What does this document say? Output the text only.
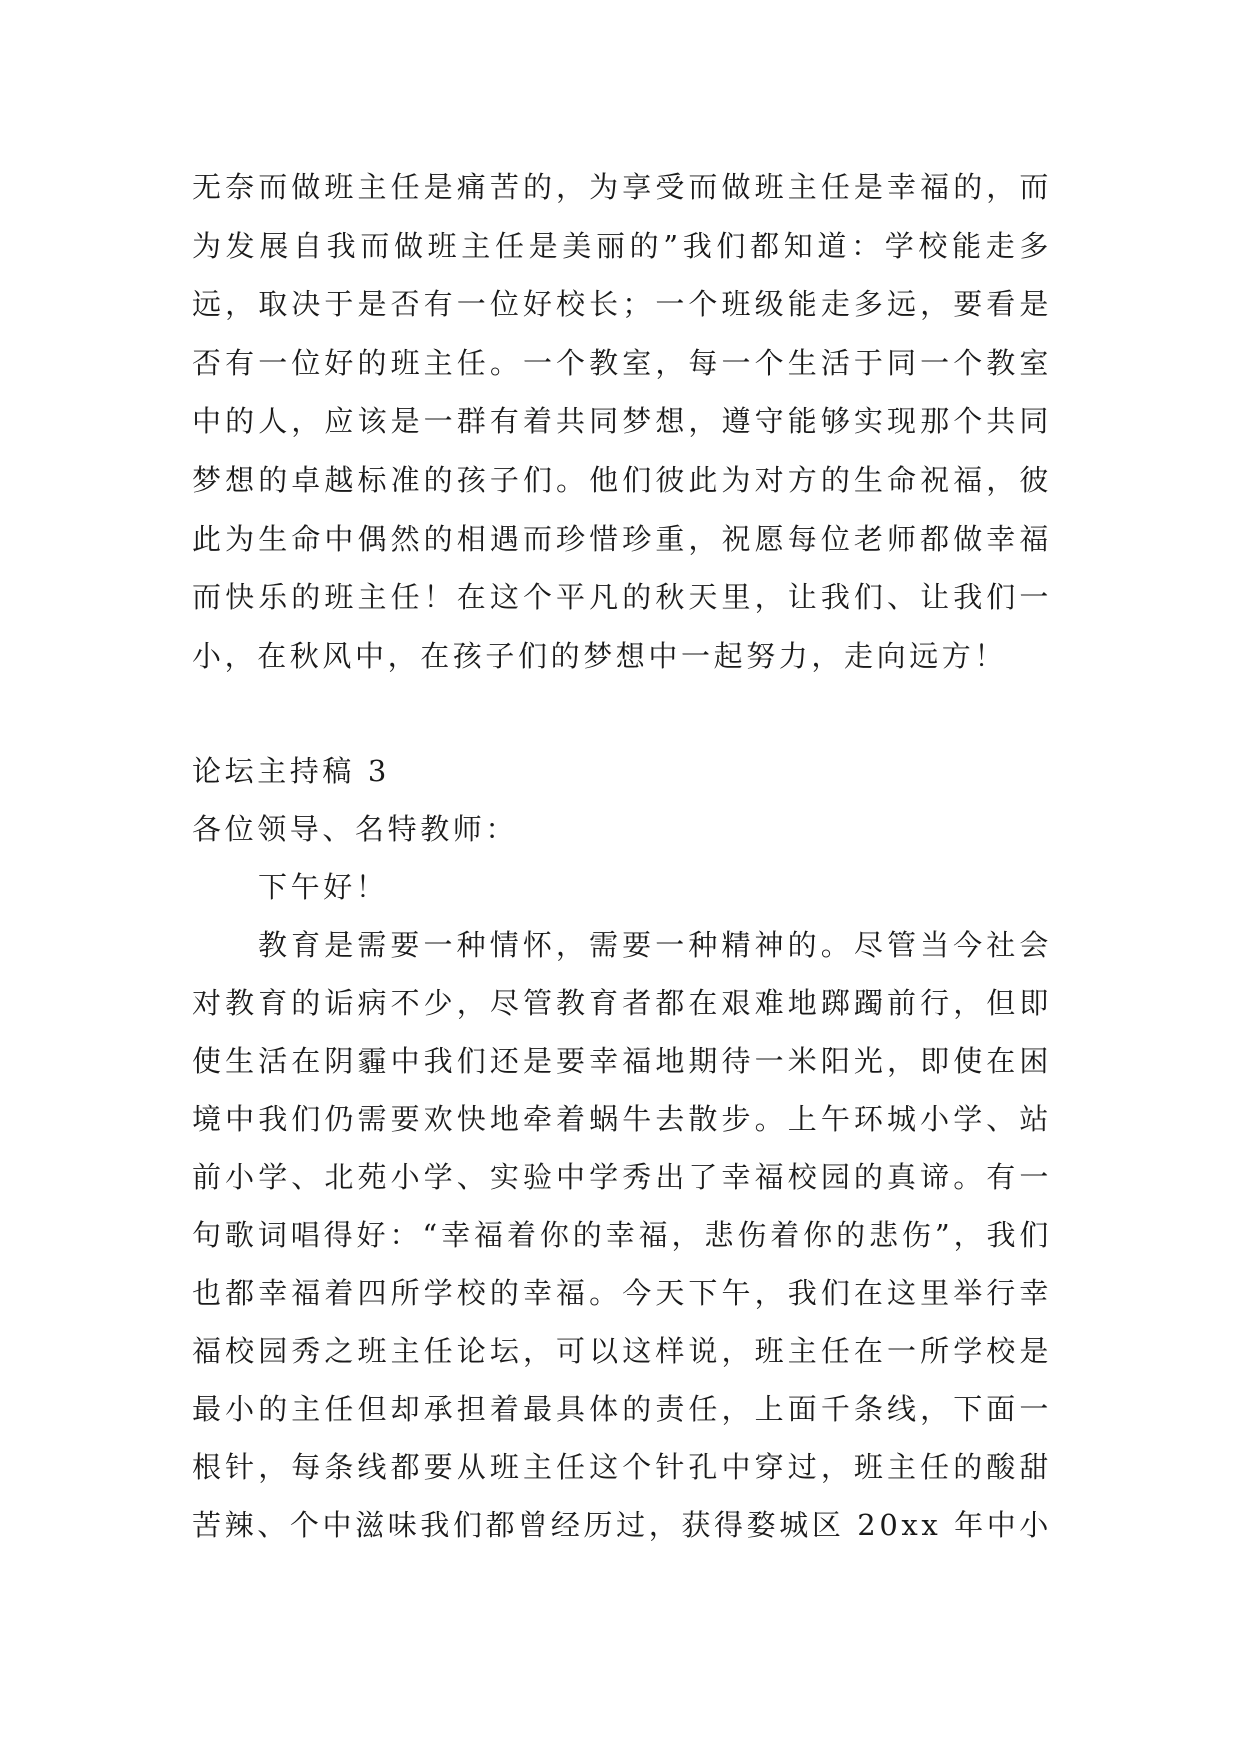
无奈而做班主任是痛苦的，为享受而做班主任是幸福的，而
为发展自我而做班主任是美丽的”我们都知道：学校能走多
远，取决于是否有一位好校长；一个班级能走多远，要看是
否有一位好的班主任。一个教室，每一个生活于同一个教室
中的人，应该是一群有着共同梦想，遵守能够实现那个共同
梦想的卓越标准的孩子们。他们彼此为对方的生命祝福，彼
此为生命中偶然的相遇而珍惜珍重，祝愿每位老师都做幸福
而快乐的班主任！在这个平凡的秋天里，让我们、让我们一
小，在秋风中，在孩子们的梦想中一起努力，走向远方！
论坛主持稿 3
各位领导、名特教师：
下午好！
教育是需要一种情怀，需要一种精神的。尽管当今社会
对教育的诟病不少，尽管教育者都在艰难地踯躅前行，但即
使生活在阴霾中我们还是要幸福地期待一米阳光，即使在困
境中我们仍需要欢快地牵着蜗牛去散步。上午环城小学、站
前小学、北苑小学、实验中学秀出了幸福校园的真谛。有一
句歌词唱得好：“幸福着你的幸福，悲伤着你的悲伤”，我们
也都幸福着四所学校的幸福。今天下午，我们在这里举行幸
福校园秀之班主任论坛，可以这样说，班主任在一所学校是
最小的主任但却承担着最具体的责任，上面千条线，下面一
根针，每条线都要从班主任这个针孔中穿过，班主任的酸甜
苦辣、个中滋味我们都曾经历过，获得婺城区 20xx 年中小
